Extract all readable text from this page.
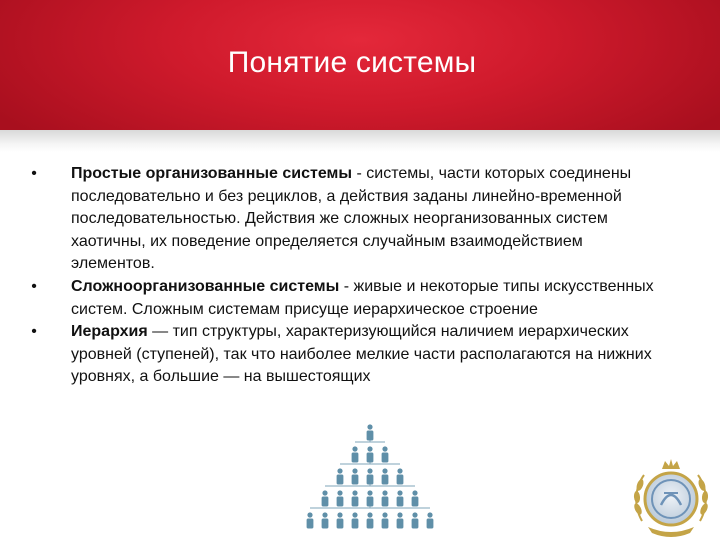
Понятие системы
• Простые организованные системы - системы, части которых соединены последовательно и без рециклов, а действия заданы линейно-временной последовательностью. Действия же сложных неорганизованных систем хаотичны, их поведение определяется случайным взаимодействием элементов.
• Сложноорганизованные системы - живые и некоторые типы искусственных систем. Сложным системам присуще иерархическое строение
• Иерархия — тип структуры, характеризующийся наличием иерархических уровней (ступеней), так что наиболее мелкие части располагаются на нижних уровнях, а большие — на вышестоящих
